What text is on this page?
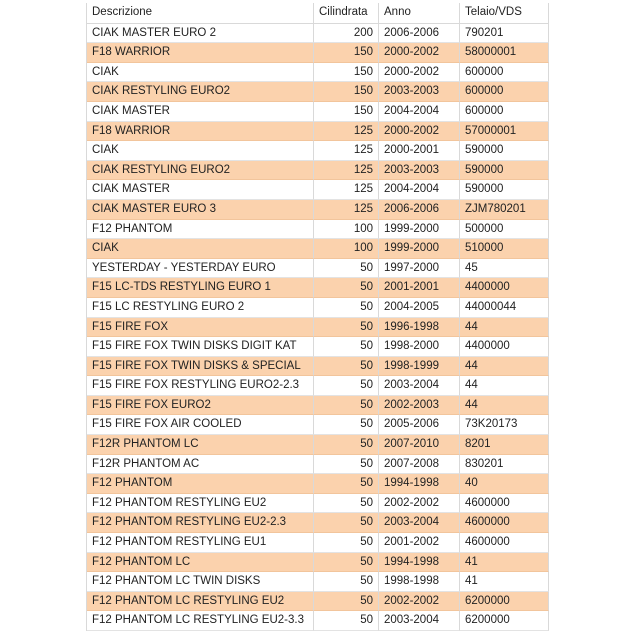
Descrizione	Cilindrata	Anno	Telaio/VDS
CIAK MASTER EURO 2	200 2006-2006	790201
F18 WARRIOR	150 2000-2002	58000001
CIAK	150 2000-2002	600000
CIAK RESTYLING EURO2	150 2003-2003	600000
CIAK MASTER	150 2004-2004	600000
F18 WARRIOR	125 2000-2002	57000001
CIAK	125 2000-2001	590000
CIAK RESTYLING EURO2	125 2003-2003	590000
CIAK MASTER	125 2004-2004	590000
CIAK MASTER EURO 3	125 2006-2006	ZJM780201
F12 PHANTOM	100 1999-2000	500000
CIAK	100 1999-2000	510000
YESTERDAY - YESTERDAY EURO	50 1997-2000	45
F15 LC-TDS RESTYLING EURO 1	50 2001-2001	4400000
F15 LC RESTYLING EURO 2	50 2004-2005	44000044
F15 FIRE FOX	50 1996-1998	44
F15 FIRE FOX TWIN DISKS DIGIT KAT	50 1998-2000	4400000
F15 FIRE FOX TWIN DISKS & SPECIAL	50 1998-1999	44
F15 FIRE FOX RESTYLING EURO2-2.3	50 2003-2004	44
F15 FIRE FOX EURO2	50 2002-2003	44
F15 FIRE FOX AIR COOLED	50 2005-2006	73K20173
F12R PHANTOM LC	50 2007-2010	8201
F12R PHANTOM AC	50 2007-2008	830201
F12 PHANTOM	50 1994-1998	40
F12 PHANTOM RESTYLING EU2	50 2002-2002	4600000
F12 PHANTOM RESTYLING EU2-2.3	50 2003-2004	4600000
F12 PHANTOM RESTYLING EU1	50 2001-2002	4600000
F12 PHANTOM LC	50 1994-1998	41
F12 PHANTOM LC TWIN DISKS	50 1998-1998	41
F12 PHANTOM LC RESTYLING EU2	50 2002-2002	6200000
F12 PHANTOM LC RESTYLING EU2-3.3	50 2003-2004	6200000
